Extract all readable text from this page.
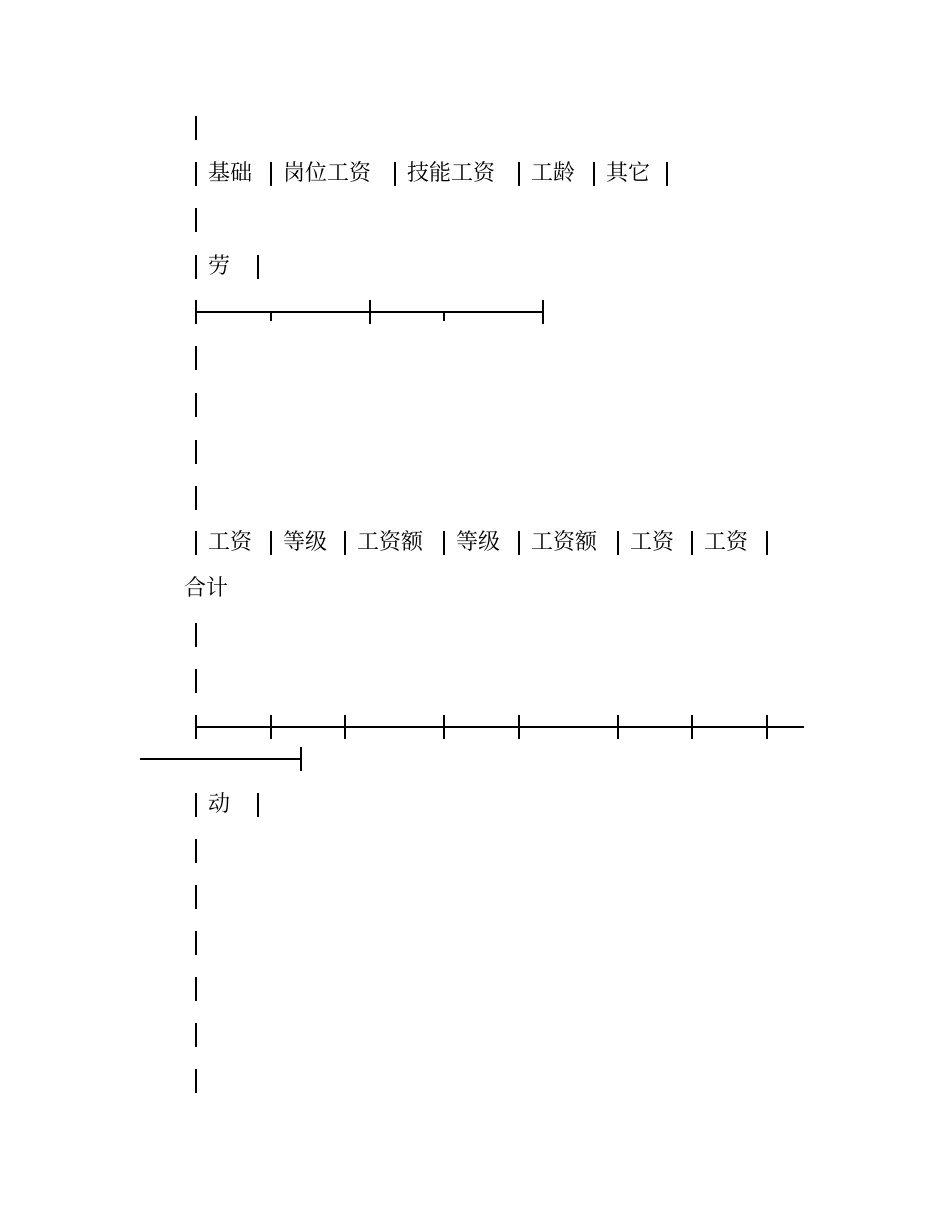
基础 岗位工资 技能工资 工龄 其它
劳
工资 等级 工资额 等级 工资额 工资 工资
合计
动
